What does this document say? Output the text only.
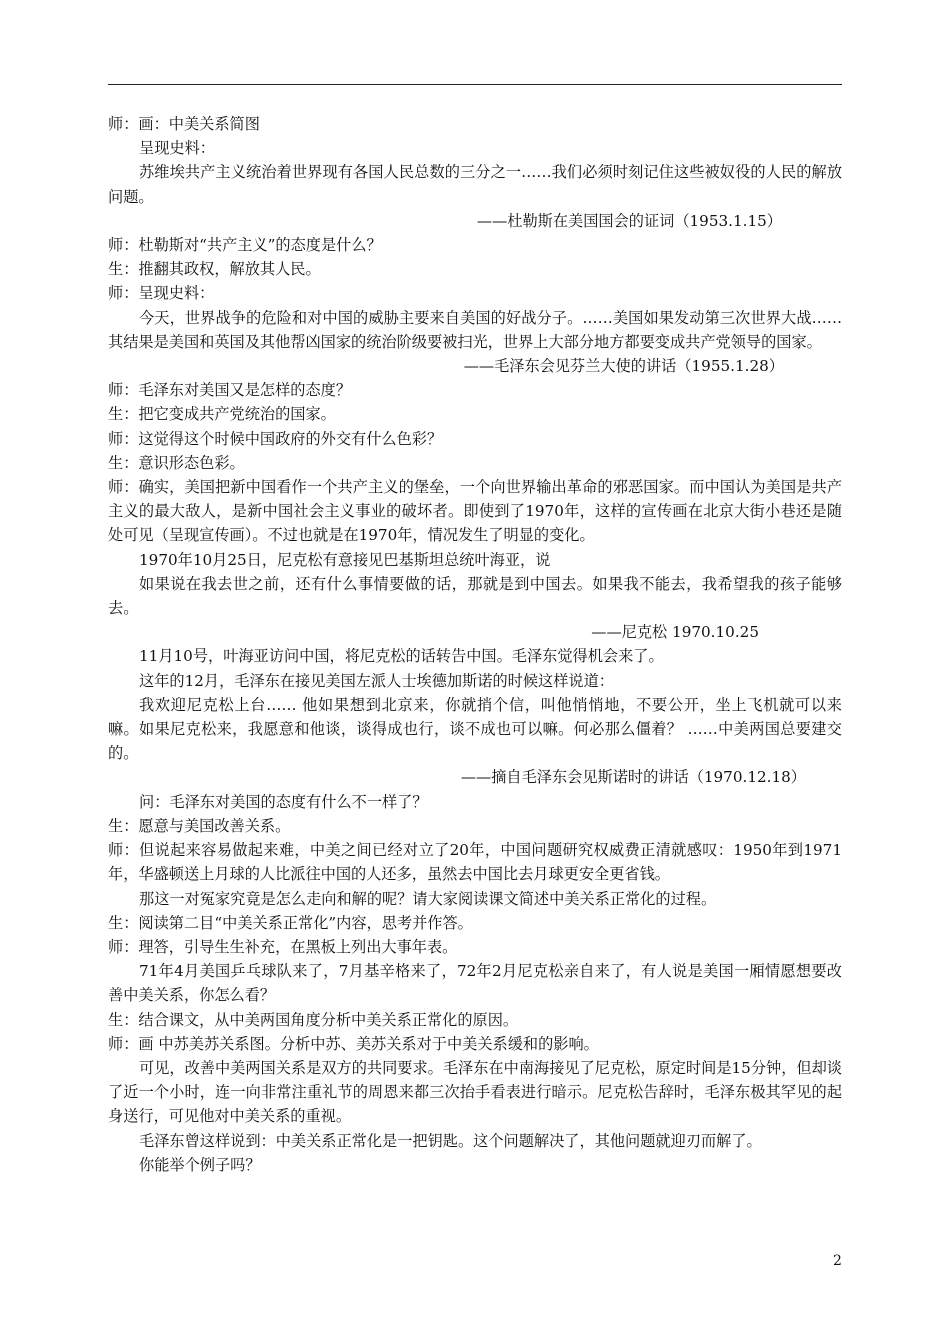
师：画：中美关系简图

呈现史料：

苏维埃共产主义统治着世界现有各国人民总数的三分之一……我们必须时刻记住这些被奴役的人民的解放问题。

——杜勒斯在美国国会的证词（1953.1.15）

师：杜勒斯对“共产主义”的态度是什么？

生：推翻其政权，解放其人民。

师：呈现史料：

今天，世界战争的危险和对中国的威胁主要来自美国的好战分子。……美国如果发动第三次世界大战……其结果是美国和英国及其他帮凶国家的统治阶级要被扫光，世界上大部分地方都要变成共产党领导的国家。

——毛泽东会见芬兰大使的讲话（1955.1.28）

师：毛泽东对美国又是怎样的态度？

生：把它变成共产党统治的国家。

师：这觉得这个时候中国政府的外交有什么色彩？

生：意识形态色彩。

师：确实，美国把新中国看作一个共产主义的堡垒，一个向世界输出革命的邪恶国家。而中国认为美国是共产主义的最大敌人，是新中国社会主义事业的破坏者。即使到了1970年，这样的宣传画在北京大街小巷还是随处可见（呈现宣传画）。不过也就是在1970年，情况发生了明显的变化。

1970年10月25日，尼克松有意接见巴基斯坦总统叶海亚，说

如果说在我去世之前，还有什么事情要做的话，那就是到中国去。如果我不能去，我希望我的孩子能够去。

——尼克松 1970.10.25

11月10号，叶海亚访问中国，将尼克松的话转告中国。毛泽东觉得机会来了。

这年的12月，毛泽东在接见美国左派人士埃德加斯诺的时候这样说道：

我欢迎尼克松上台…… 他如果想到北京来，你就捎个信，叫他悄悄地，不要公开，坐上飞机就可以来嘛。如果尼克松来，我愿意和他谈，谈得成也行，谈不成也可以嘛。何必那么僵着？ ……中美两国总要建交的。

——摘自毛泽东会见斯诺时的讲话（1970.12.18）

问：毛泽东对美国的态度有什么不一样了？

生：愿意与美国改善关系。

师：但说起来容易做起来难，中美之间已经对立了20年，中国问题研究权威费正清就感叹：1950年到1971年，华盛顿送上月球的人比派往中国的人还多，虽然去中国比去月球更安全更省钱。

那这一对冤家究竟是怎么走向和解的呢？请大家阅读课文简述中美关系正常化的过程。

生：阅读第二目“中美关系正常化”内容，思考并作答。

师：理答，引导生生补充，在黑板上列出大事年表。

71年4月美国乒乓球队来了，7月基辛格来了，72年2月尼克松亲自来了，有人说是美国一厢情愿想要改善中美关系，你怎么看？

生：结合课文，从中美两国角度分析中美关系正常化的原因。

师：画 中苏美苏关系图。分析中苏、美苏关系对于中美关系缓和的影响。

可见，改善中美两国关系是双方的共同要求。毛泽东在中南海接见了尼克松，原定时间是15分钟，但却谈了近一个小时，连一向非常注重礼节的周恩来都三次抬手看表进行暗示。尼克松告辞时，毛泽东极其罕见的起身送行，可见他对中美关系的重视。

毛泽东曾这样说到：中美关系正常化是一把钥匙。这个问题解决了，其他问题就迎刃而解了。

你能举个例子吗？

2
